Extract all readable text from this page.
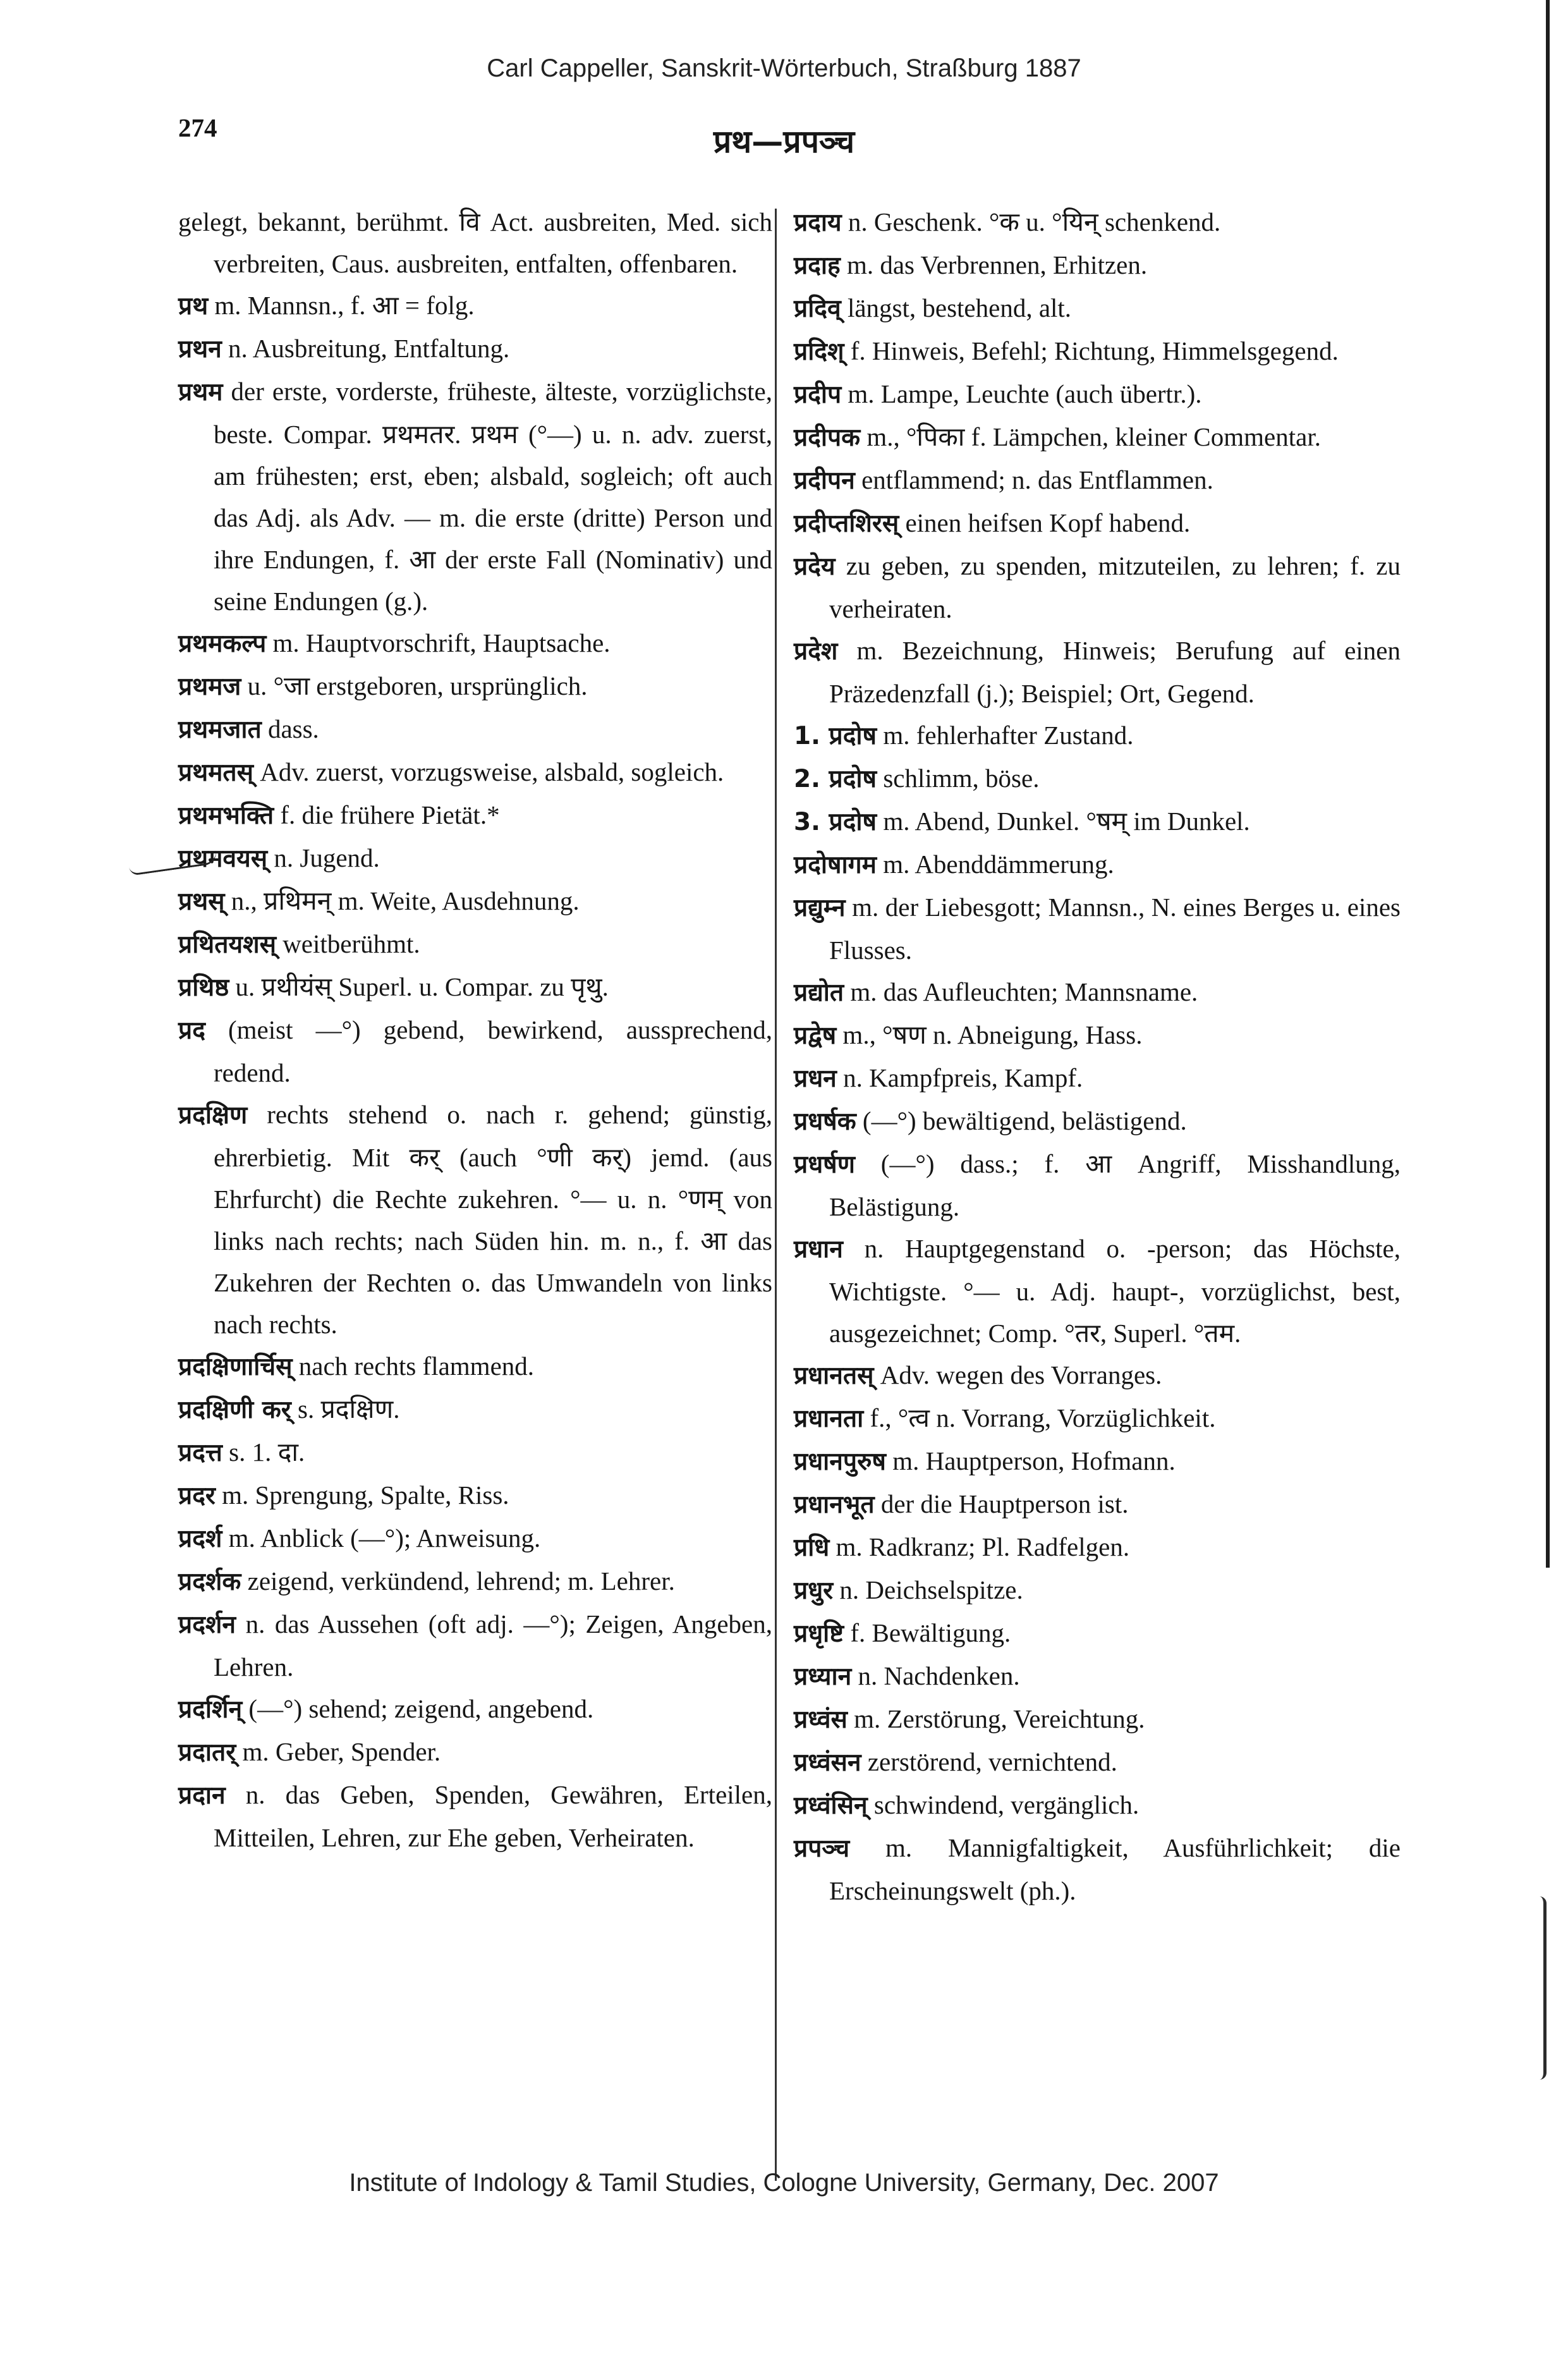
Carl Cappeller, Sanskrit-Wörterbuch, Straßburg 1887
274	प्रथ—प्रपञ्च

gelegt, bekannt, berühmt. वि Act. ausbreiten, Med. sich verbreiten, Caus. ausbreiten, entfalten, offenbaren.

प्रथ m. Mannsn., f. आ = folg.

प्रथन n. Ausbreitung, Entfaltung.

प्रथम der erste, vorderste, früheste, älteste, vorzüglichste, beste. Compar. प्रथमतर. प्रथम (°—) u. n. adv. zuerst, am frühesten; erst, eben; alsbald, sogleich; oft auch das Adj. als Adv. — m. die erste (dritte) Person und ihre Endungen, f. आ der erste Fall (Nominativ) und seine Endungen (g.).

प्रथमकल्प m. Hauptvorschrift, Hauptsache.

प्रथमज u. °जा erstgeboren, ursprünglich.

प्रथमजात dass.

प्रथमतस् Adv. zuerst, vorzugsweise, alsbald, sogleich.

प्रथमभक्ति f. die frühere Pietät.*

प्रथमवयस् n. Jugend.

प्रथस् n., प्रथिमन् m. Weite, Ausdehnung.

प्रथितयशस् weitberühmt.

प्रथिष्ठ u. प्रथीयंस् Superl. u. Compar. zu पृथु.

प्रद (meist —°) gebend, bewirkend, aussprechend, redend.

प्रदक्षिण rechts stehend o. nach r. gehend; günstig, ehrerbietig. Mit कर् (auch °णी कर्) jemd. (aus Ehrfurcht) die Rechte zukehren. °— u. n. °णम् von links nach rechts; nach Süden hin. m. n., f. आ das Zukehren der Rechten o. das Umwandeln von links nach rechts.

प्रदक्षिणार्चिस् nach rechts flammend.

प्रदक्षिणी कर् s. प्रदक्षिण.

प्रदत्त s. 1. दा.

प्रदर m. Sprengung, Spalte, Riss.

प्रदर्श m. Anblick (—°); Anweisung.

प्रदर्शक zeigend, verkündend, lehrend; m. Lehrer.

प्रदर्शन n. das Aussehen (oft adj. —°); Zeigen, Angeben, Lehren.

प्रदर्शिन् (—°) sehend; zeigend, angebend.

प्रदातर् m. Geber, Spender.

प्रदान n. das Geben, Spenden, Gewähren, Erteilen, Mitteilen, Lehren, zur Ehe geben, Verheiraten.

प्रदाय n. Geschenk. °क u. °यिन् schenkend.

प्रदाह m. das Verbrennen, Erhitzen.

प्रदिव् längst, bestehend, alt.

प्रदिश् f. Hinweis, Befehl; Richtung, Himmelsgegend.

प्रदीप m. Lampe, Leuchte (auch übertr.).

प्रदीपक m., °पिका f. Lämpchen, kleiner Commentar.

प्रदीपन entflammend; n. das Entflammen.

प्रदीप्तशिरस् einen heifsen Kopf habend.

प्रदेय zu geben, zu spenden, mitzuteilen, zu lehren; f. zu verheiraten.

प्रदेश m. Bezeichnung, Hinweis; Berufung auf einen Präzedenzfall (j.); Beispiel; Ort, Gegend.

1. प्रदोष m. fehlerhafter Zustand.

2. प्रदोष schlimm, böse.

3. प्रदोष m. Abend, Dunkel. °षम् im Dunkel.

प्रदोषागम m. Abenddämmerung.

प्रद्युम्न m. der Liebesgott; Mannsn., N. eines Berges u. eines Flusses.

प्रद्योत m. das Aufleuchten; Mannsname.

प्रद्वेष m., °षण n. Abneigung, Hass.

प्रधन n. Kampfpreis, Kampf.

प्रधर्षक (—°) bewältigend, belästigend.

प्रधर्षण (—°) dass.; f. आ Angriff, Misshandlung, Belästigung.

प्रधान n. Hauptgegenstand o. -person; das Höchste, Wichtigste. °— u. Adj. haupt-, vorzüglichst, best, ausgezeichnet; Comp. °तर, Superl. °तम.

प्रधानतस् Adv. wegen des Vorranges.

प्रधानता f., °त्व n. Vorrang, Vorzüglichkeit.

प्रधानपुरुष m. Hauptperson, Hofmann.

प्रधानभूत der die Hauptperson ist.

प्रधि m. Radkranz; Pl. Radfelgen.

प्रधुर n. Deichselspitze.

प्रधृष्टि f. Bewältigung.

प्रध्यान n. Nachdenken.

प्रध्वंस m. Zerstörung, Vereichtung.

प्रध्वंसन zerstörend, vernichtend.

प्रध्वंसिन् schwindend, vergänglich.

प्रपञ्च m. Mannigfaltigkeit, Ausführlichkeit; die Erscheinungswelt (ph.).

Institute of Indology & Tamil Studies, Cologne University, Germany, Dec. 2007
